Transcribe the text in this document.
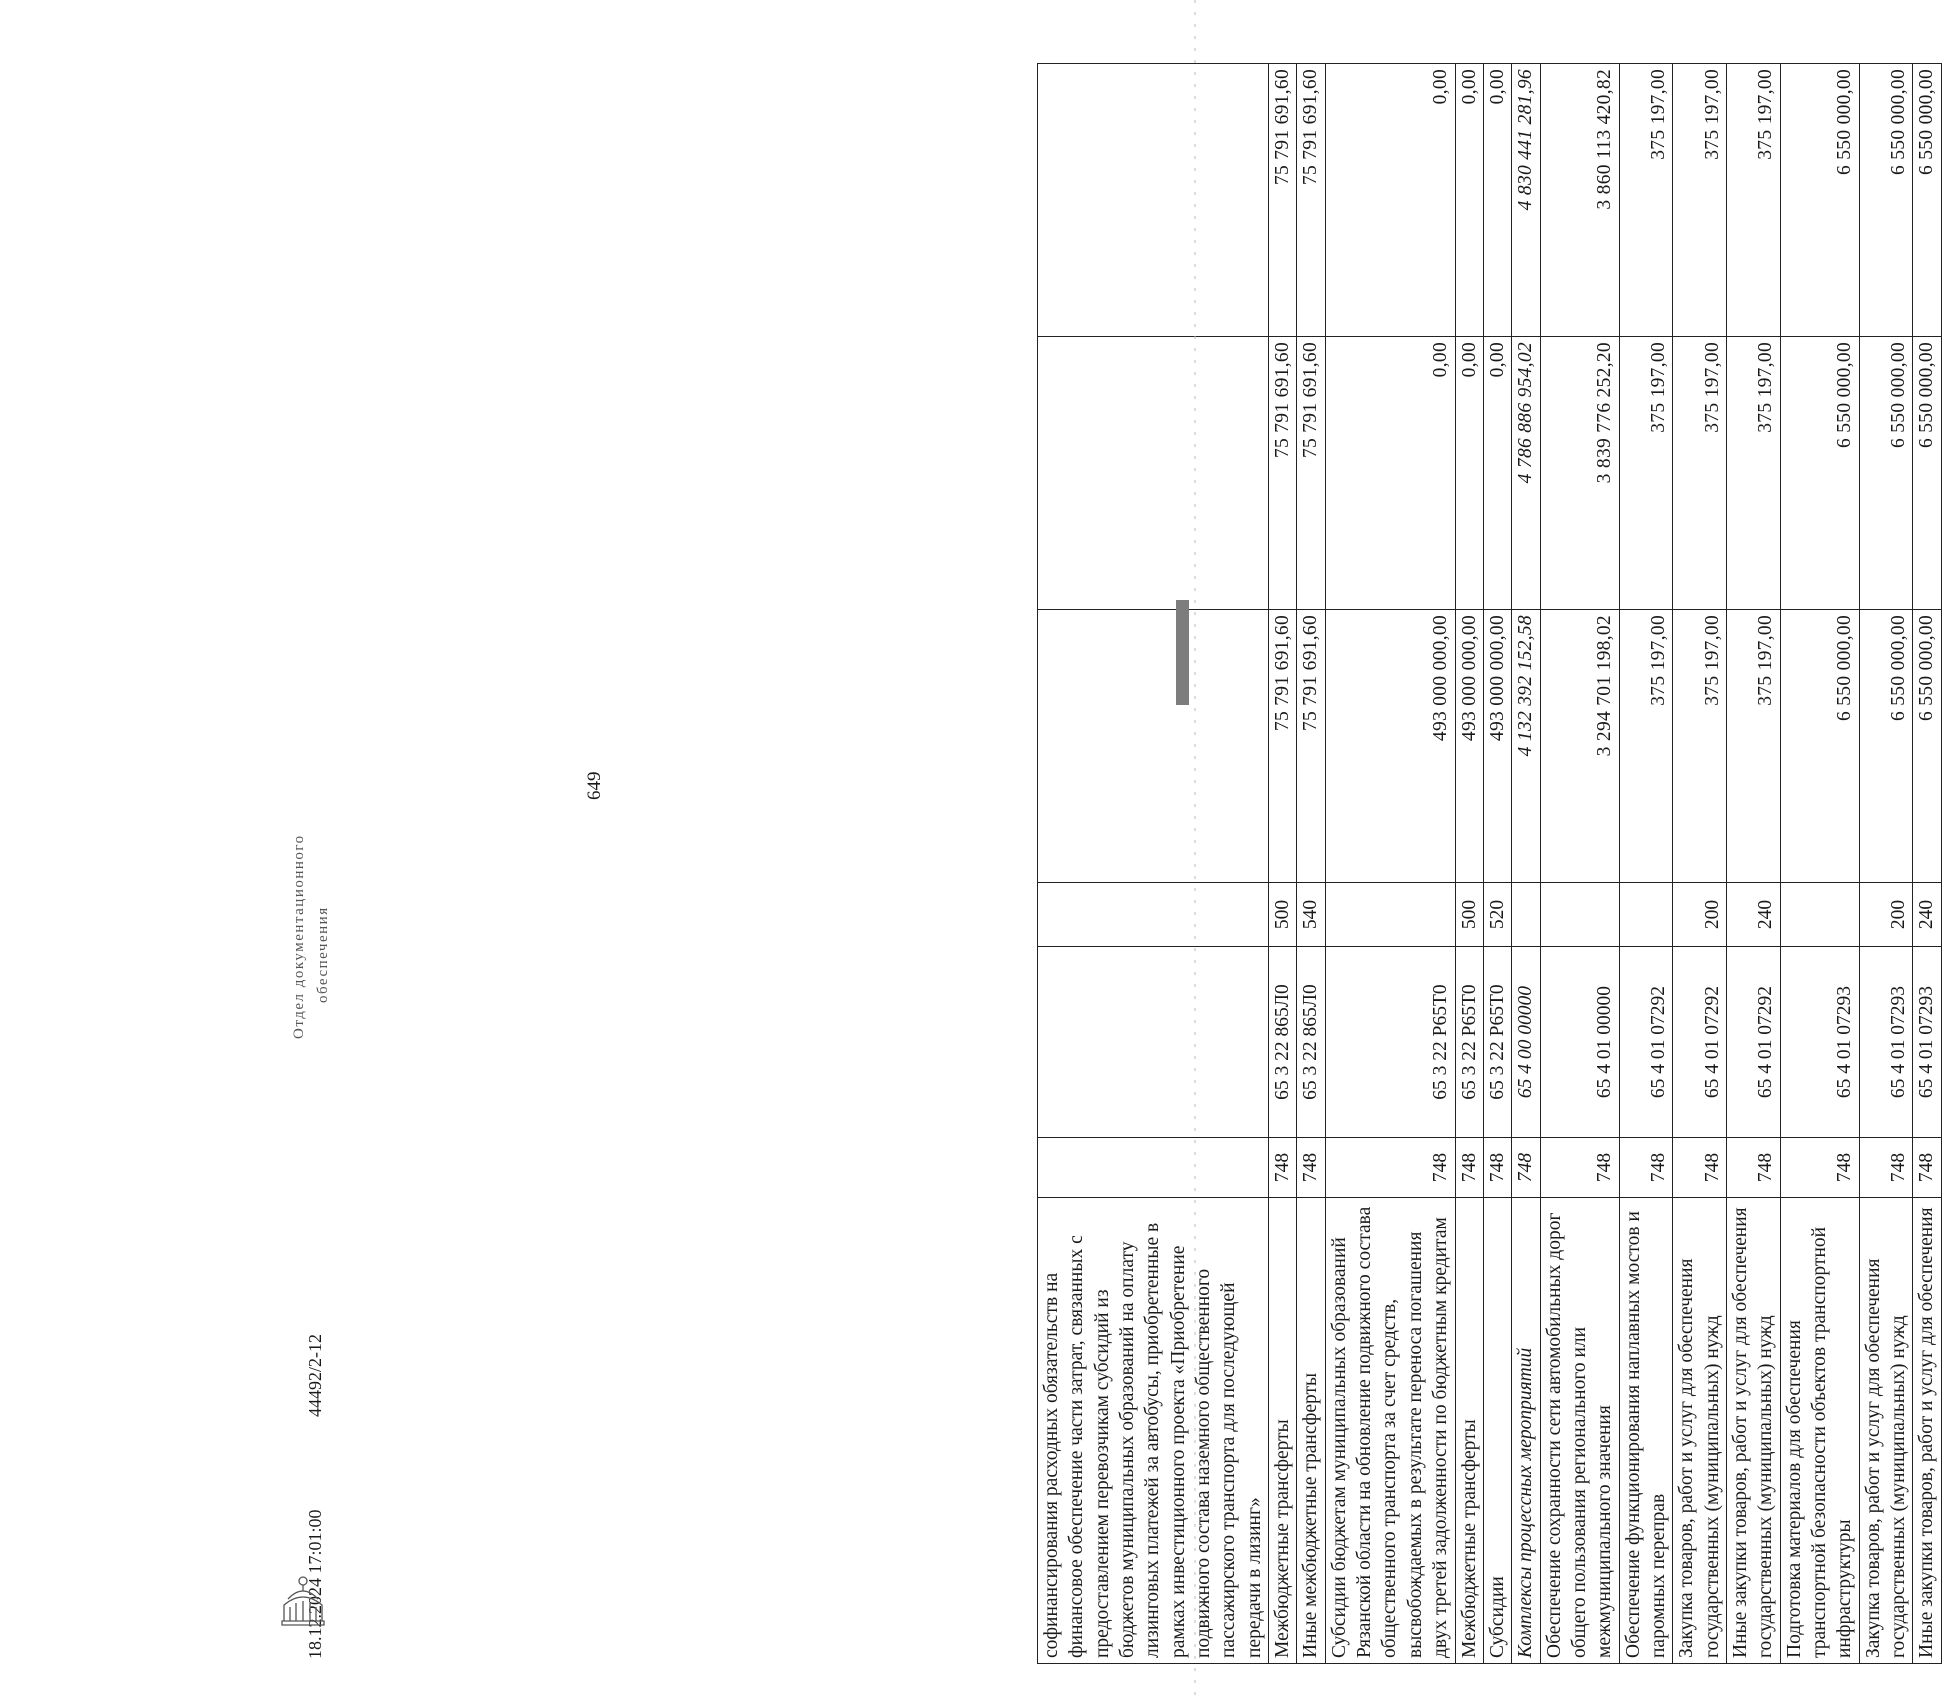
649
софинансирования расходных обязательств на финансовое обеспечение части затрат, связанных с предоставлением перевозчикам субсидий из бюджетов муниципальных образований на оплату лизинговых платежей за автобусы, приобретенные в рамках инвестиционного проекта «Приобретение подвижного состава наземного общественного пассажирского транспорта для последующей передачи в лизинг»						
Межбюджетные трансферты	748	65 3 22 865Л0	500	75 791 691,60	75 791 691,60	75 791 691,60
Иные межбюджетные трансферты	748	65 3 22 865Л0	540	75 791 691,60	75 791 691,60	75 791 691,60
Субсидии бюджетам муниципальных образований Рязанской области на обновление подвижного состава общественного транспорта за счет средств, высвобождаемых в результате переноса погашения двух третей задолженности по бюджетным кредитам	748	65 3 22 Р65Т0		493 000 000,00	0,00	0,00
Межбюджетные трансферты	748	65 3 22 Р65Т0	500	493 000 000,00	0,00	0,00
Субсидии	748	65 3 22 Р65Т0	520	493 000 000,00	0,00	0,00
Комплексы процессных мероприятий	748	65 4 00 00000		4 132 392 152,58	4 786 886 954,02	4 830 441 281,96
Обеспечение сохранности сети автомобильных дорог общего пользования регионального или межмуниципального значения	748	65 4 01 00000		3 294 701 198,02	3 839 776 252,20	3 860 113 420,82
Обеспечение функционирования наплавных мостов и паромных переправ	748	65 4 01 07292		375 197,00	375 197,00	375 197,00
Закупка товаров, работ и услуг для обеспечения государственных (муниципальных) нужд	748	65 4 01 07292	200	375 197,00	375 197,00	375 197,00
Иные закупки товаров, работ и услуг для обеспечения государственных (муниципальных) нужд	748	65 4 01 07292	240	375 197,00	375 197,00	375 197,00
Подготовка материалов для обеспечения транспортной безопасности объектов транспортной инфраструктуры	748	65 4 01 07293		6 550 000,00	6 550 000,00	6 550 000,00
Закупка товаров, работ и услуг для обеспечения государственных (муниципальных) нужд	748	65 4 01 07293	200	6 550 000,00	6 550 000,00	6 550 000,00
Иные закупки товаров, работ и услуг для обеспечения	748	65 4 01 07293	240	6 550 000,00	6 550 000,00	6 550 000,00
Отдел документационного обеспечения
18.12.2024 17:01:00
44492/2-12
